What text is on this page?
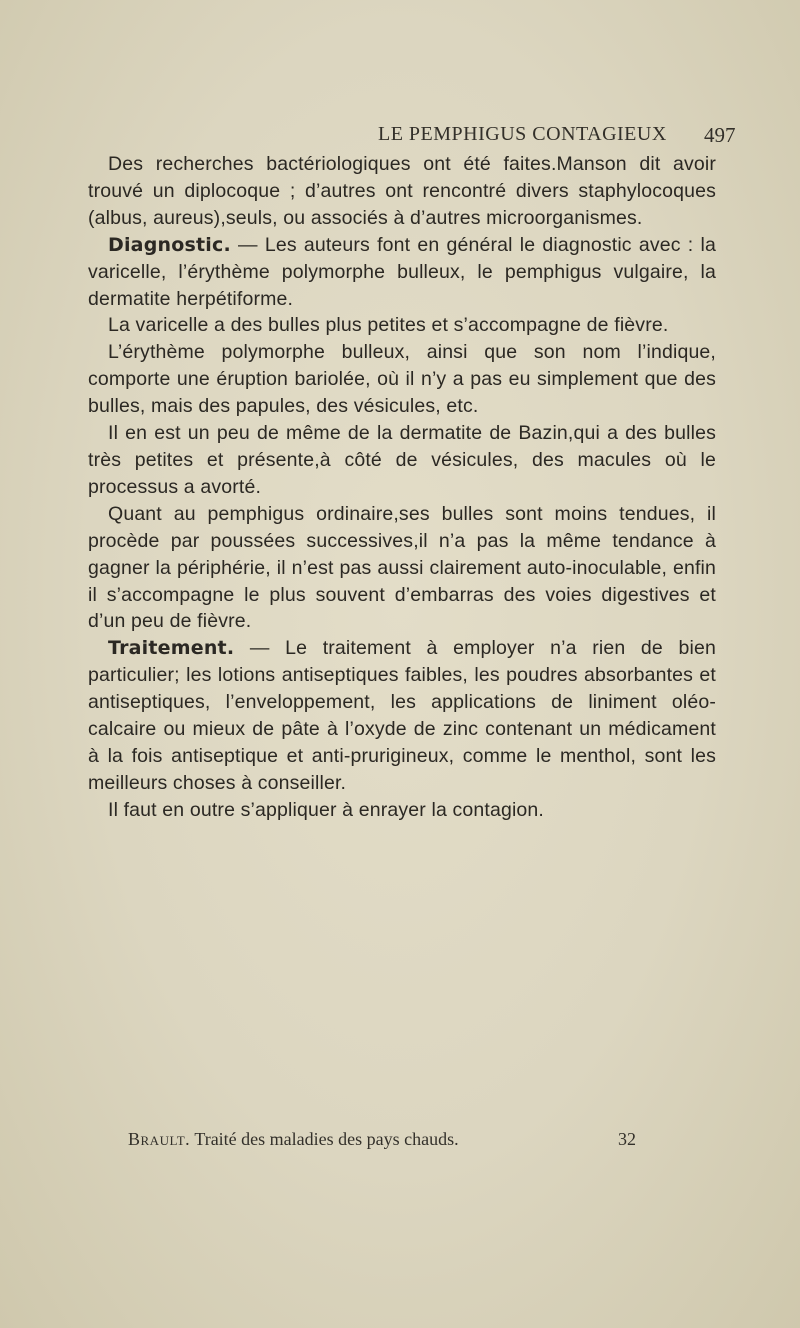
LE PEMPHIGUS CONTAGIEUX 497

Des recherches bactériologiques ont été faites.Manson dit avoir trouvé un diplocoque ; d’autres ont rencontré divers staphylocoques (albus, aureus),seuls, ou associés à d’autres microorganismes.

Diagnostic. — Les auteurs font en général le diagnostic avec : la varicelle, l’érythème polymorphe bulleux, le pemphigus vulgaire, la dermatite herpétiforme.

La varicelle a des bulles plus petites et s’accompagne de fièvre.

L’érythème polymorphe bulleux, ainsi que son nom l’indique, comporte une éruption bariolée, où il n’y a pas eu simplement que des bulles, mais des papules, des vésicules, etc.

Il en est un peu de même de la dermatite de Bazin,qui a des bulles très petites et présente,à côté de vésicules, des macules où le processus a avorté.

Quant au pemphigus ordinaire,ses bulles sont moins tendues, il procède par poussées successives,il n’a pas la même tendance à gagner la périphérie, il n’est pas aussi clairement auto-inoculable, enfin il s’accompagne le plus souvent d’embarras des voies digestives et d’un peu de fièvre.

Traitement. — Le traitement à employer n’a rien de bien particulier; les lotions antiseptiques faibles, les poudres absorbantes et antiseptiques, l’enveloppement, les applications de liniment oléo-calcaire ou mieux de pâte à l’oxyde de zinc contenant un médicament à la fois antiseptique et anti-prurigineux, comme le menthol, sont les meilleurs choses à conseiller.

Il faut en outre s’appliquer à enrayer la contagion.

Brault. Traité des maladies des pays chauds.	32
